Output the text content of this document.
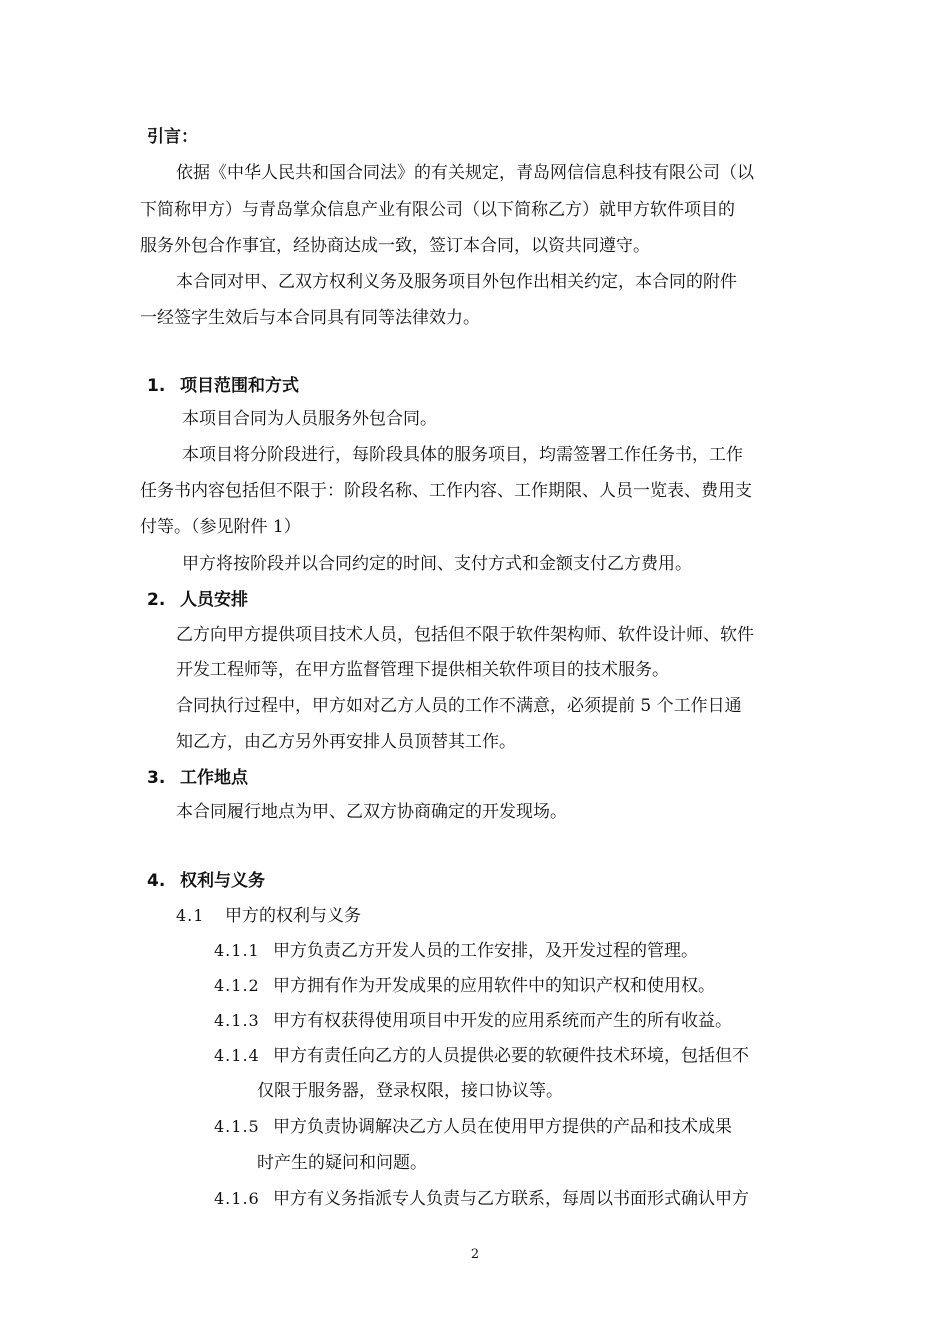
引言：
依据《中华人民共和国合同法》的有关规定，青岛网信信息科技有限公司（以
下简称甲方）与青岛掌众信息产业有限公司（以下简称乙方）就甲方软件项目的
服务外包合作事宜，经协商达成一致，签订本合同，以资共同遵守。
本合同对甲、乙双方权利义务及服务项目外包作出相关约定，本合同的附件
一经签字生效后与本合同具有同等法律效力。
1. 项目范围和方式
本项目合同为人员服务外包合同。
本项目将分阶段进行，每阶段具体的服务项目，均需签署工作任务书，工作
任务书内容包括但不限于：阶段名称、工作内容、工作期限、人员一览表、费用支
付等。（参见附件 1）
甲方将按阶段并以合同约定的时间、支付方式和金额支付乙方费用。
2. 人员安排
乙方向甲方提供项目技术人员，包括但不限于软件架构师、软件设计师、软件
开发工程师等，在甲方监督管理下提供相关软件项目的技术服务。
合同执行过程中，甲方如对乙方人员的工作不满意，必须提前 5 个工作日通
知乙方，由乙方另外再安排人员顶替其工作。
3. 工作地点
本合同履行地点为甲、乙双方协商确定的开发现场。
4. 权利与义务
4.1 甲方的权利与义务
4.1.1 甲方负责乙方开发人员的工作安排，及开发过程的管理。
4.1.2 甲方拥有作为开发成果的应用软件中的知识产权和使用权。
4.1.3 甲方有权获得使用项目中开发的应用系统而产生的所有收益。
4.1.4 甲方有责任向乙方的人员提供必要的软硬件技术环境，包括但不
仅限于服务器，登录权限，接口协议等。
4.1.5 甲方负责协调解决乙方人员在使用甲方提供的产品和技术成果
时产生的疑问和问题。
4.1.6 甲方有义务指派专人负责与乙方联系，每周以书面形式确认甲方
2
